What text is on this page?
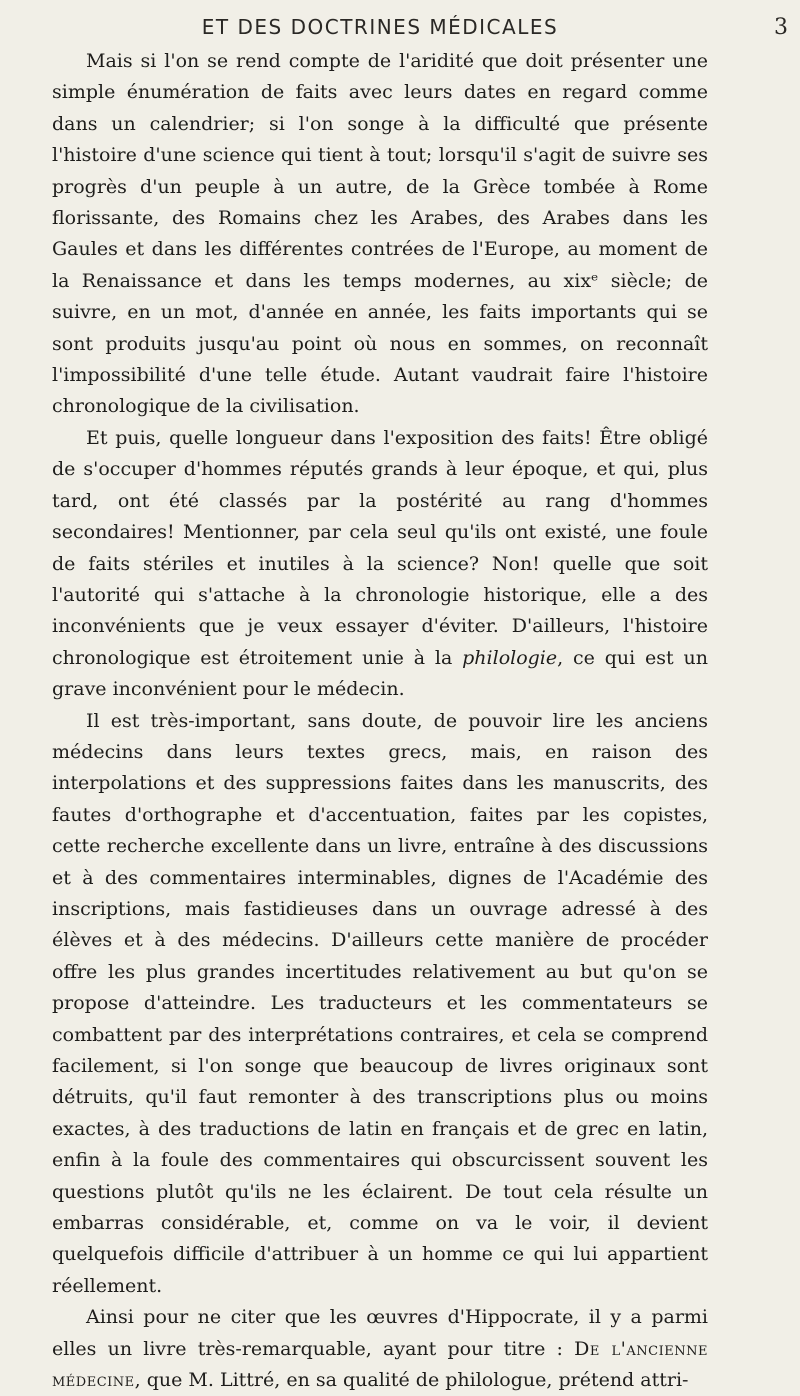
ET DES DOCTRINES MÉDICALES	3

Mais si l'on se rend compte de l'aridité que doit présenter une simple énumération de faits avec leurs dates en regard comme dans un calendrier; si l'on songe à la difficulté que présente l'histoire d'une science qui tient à tout; lorsqu'il s'agit de suivre ses progrès d'un peuple à un autre, de la Grèce tombée à Rome florissante, des Romains chez les Arabes, des Arabes dans les Gaules et dans les différentes contrées de l'Europe, au moment de la Renaissance et dans les temps modernes, au xixᵉ siècle; de suivre, en un mot, d'année en année, les faits importants qui se sont produits jusqu'au point où nous en sommes, on reconnaît l'impossibilité d'une telle étude. Autant vaudrait faire l'histoire chronologique de la civilisation.

Et puis, quelle longueur dans l'exposition des faits! Être obligé de s'occuper d'hommes réputés grands à leur époque, et qui, plus tard, ont été classés par la postérité au rang d'hommes secondaires! Mentionner, par cela seul qu'ils ont existé, une foule de faits stériles et inutiles à la science? Non! quelle que soit l'autorité qui s'attache à la chronologie historique, elle a des inconvénients que je veux essayer d'éviter. D'ailleurs, l'histoire chronologique est étroitement unie à la philologie, ce qui est un grave inconvénient pour le médecin.

Il est très-important, sans doute, de pouvoir lire les anciens médecins dans leurs textes grecs, mais, en raison des interpolations et des suppressions faites dans les manuscrits, des fautes d'orthographe et d'accentuation, faites par les copistes, cette recherche excellente dans un livre, entraîne à des discussions et à des commentaires interminables, dignes de l'Académie des inscriptions, mais fastidieuses dans un ouvrage adressé à des élèves et à des médecins. D'ailleurs cette manière de procéder offre les plus grandes incertitudes relativement au but qu'on se propose d'atteindre. Les traducteurs et les commentateurs se combattent par des interprétations contraires, et cela se comprend facilement, si l'on songe que beaucoup de livres originaux sont détruits, qu'il faut remonter à des transcriptions plus ou moins exactes, à des traductions de latin en français et de grec en latin, enfin à la foule des commentaires qui obscurcissent souvent les questions plutôt qu'ils ne les éclairent. De tout cela résulte un embarras considérable, et, comme on va le voir, il devient quelquefois difficile d'attribuer à un homme ce qui lui appartient réellement.

Ainsi pour ne citer que les œuvres d'Hippocrate, il y a parmi elles un livre très-remarquable, ayant pour titre : De l'ancienne médecine, que M. Littré, en sa qualité de philologue, prétend attri-
